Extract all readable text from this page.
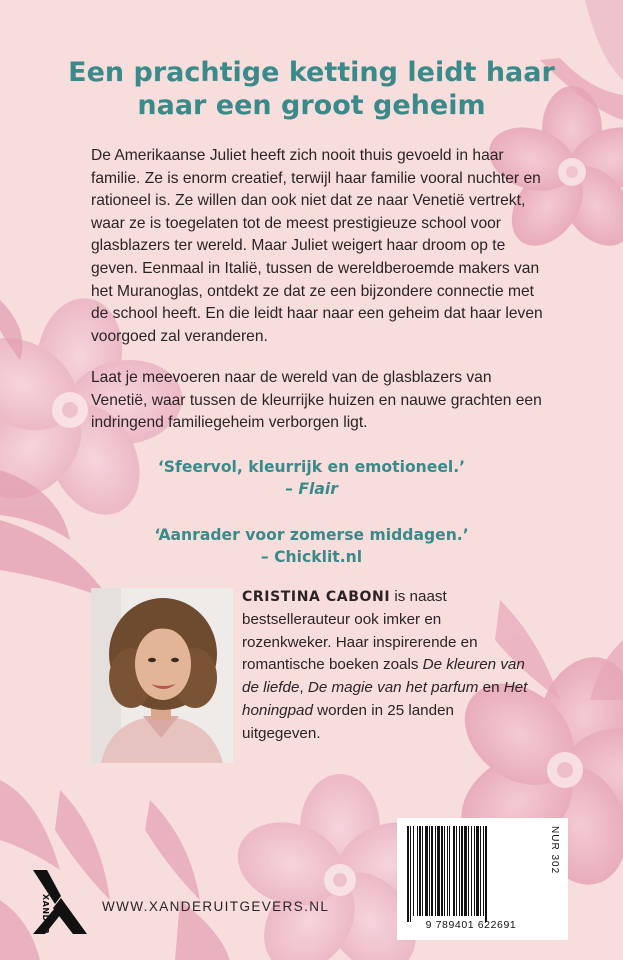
Een prachtige ketting leidt haar
naar een groot geheim

De Amerikaanse Juliet heeft zich nooit thuis gevoeld in haar familie. Ze is enorm creatief, terwijl haar familie vooral nuchter en rationeel is. Ze willen dan ook niet dat ze naar Venetië vertrekt, waar ze is toegelaten tot de meest prestigieuze school voor glasblazers ter wereld. Maar Juliet weigert haar droom op te geven. Eenmaal in Italië, tussen de wereldberoemde makers van het Muranoglas, ontdekt ze dat ze een bijzondere connectie met de school heeft. En die leidt haar naar een geheim dat haar leven voorgoed zal veranderen.

Laat je meevoeren naar de wereld van de glasblazers van Venetië, waar tussen de kleurrijke huizen en nauwe grachten een indringend familiegeheim verborgen ligt.

‘Sfeervol, kleurrijk en emotioneel.’
– Flair
‘Aanrader voor zomerse middagen.’
– Chicklit.nl

CRISTINA CABONI is naast bestsellerauteur ook imker en rozenkweker. Haar inspirerende en romantische boeken zoals De kleuren van de liefde, De magie van het parfum en Het honingpad worden in 25 landen uitgegeven.

NUR 302
9 789401 622691
XANDER	WWW.XANDERUITGEVERS.NL
